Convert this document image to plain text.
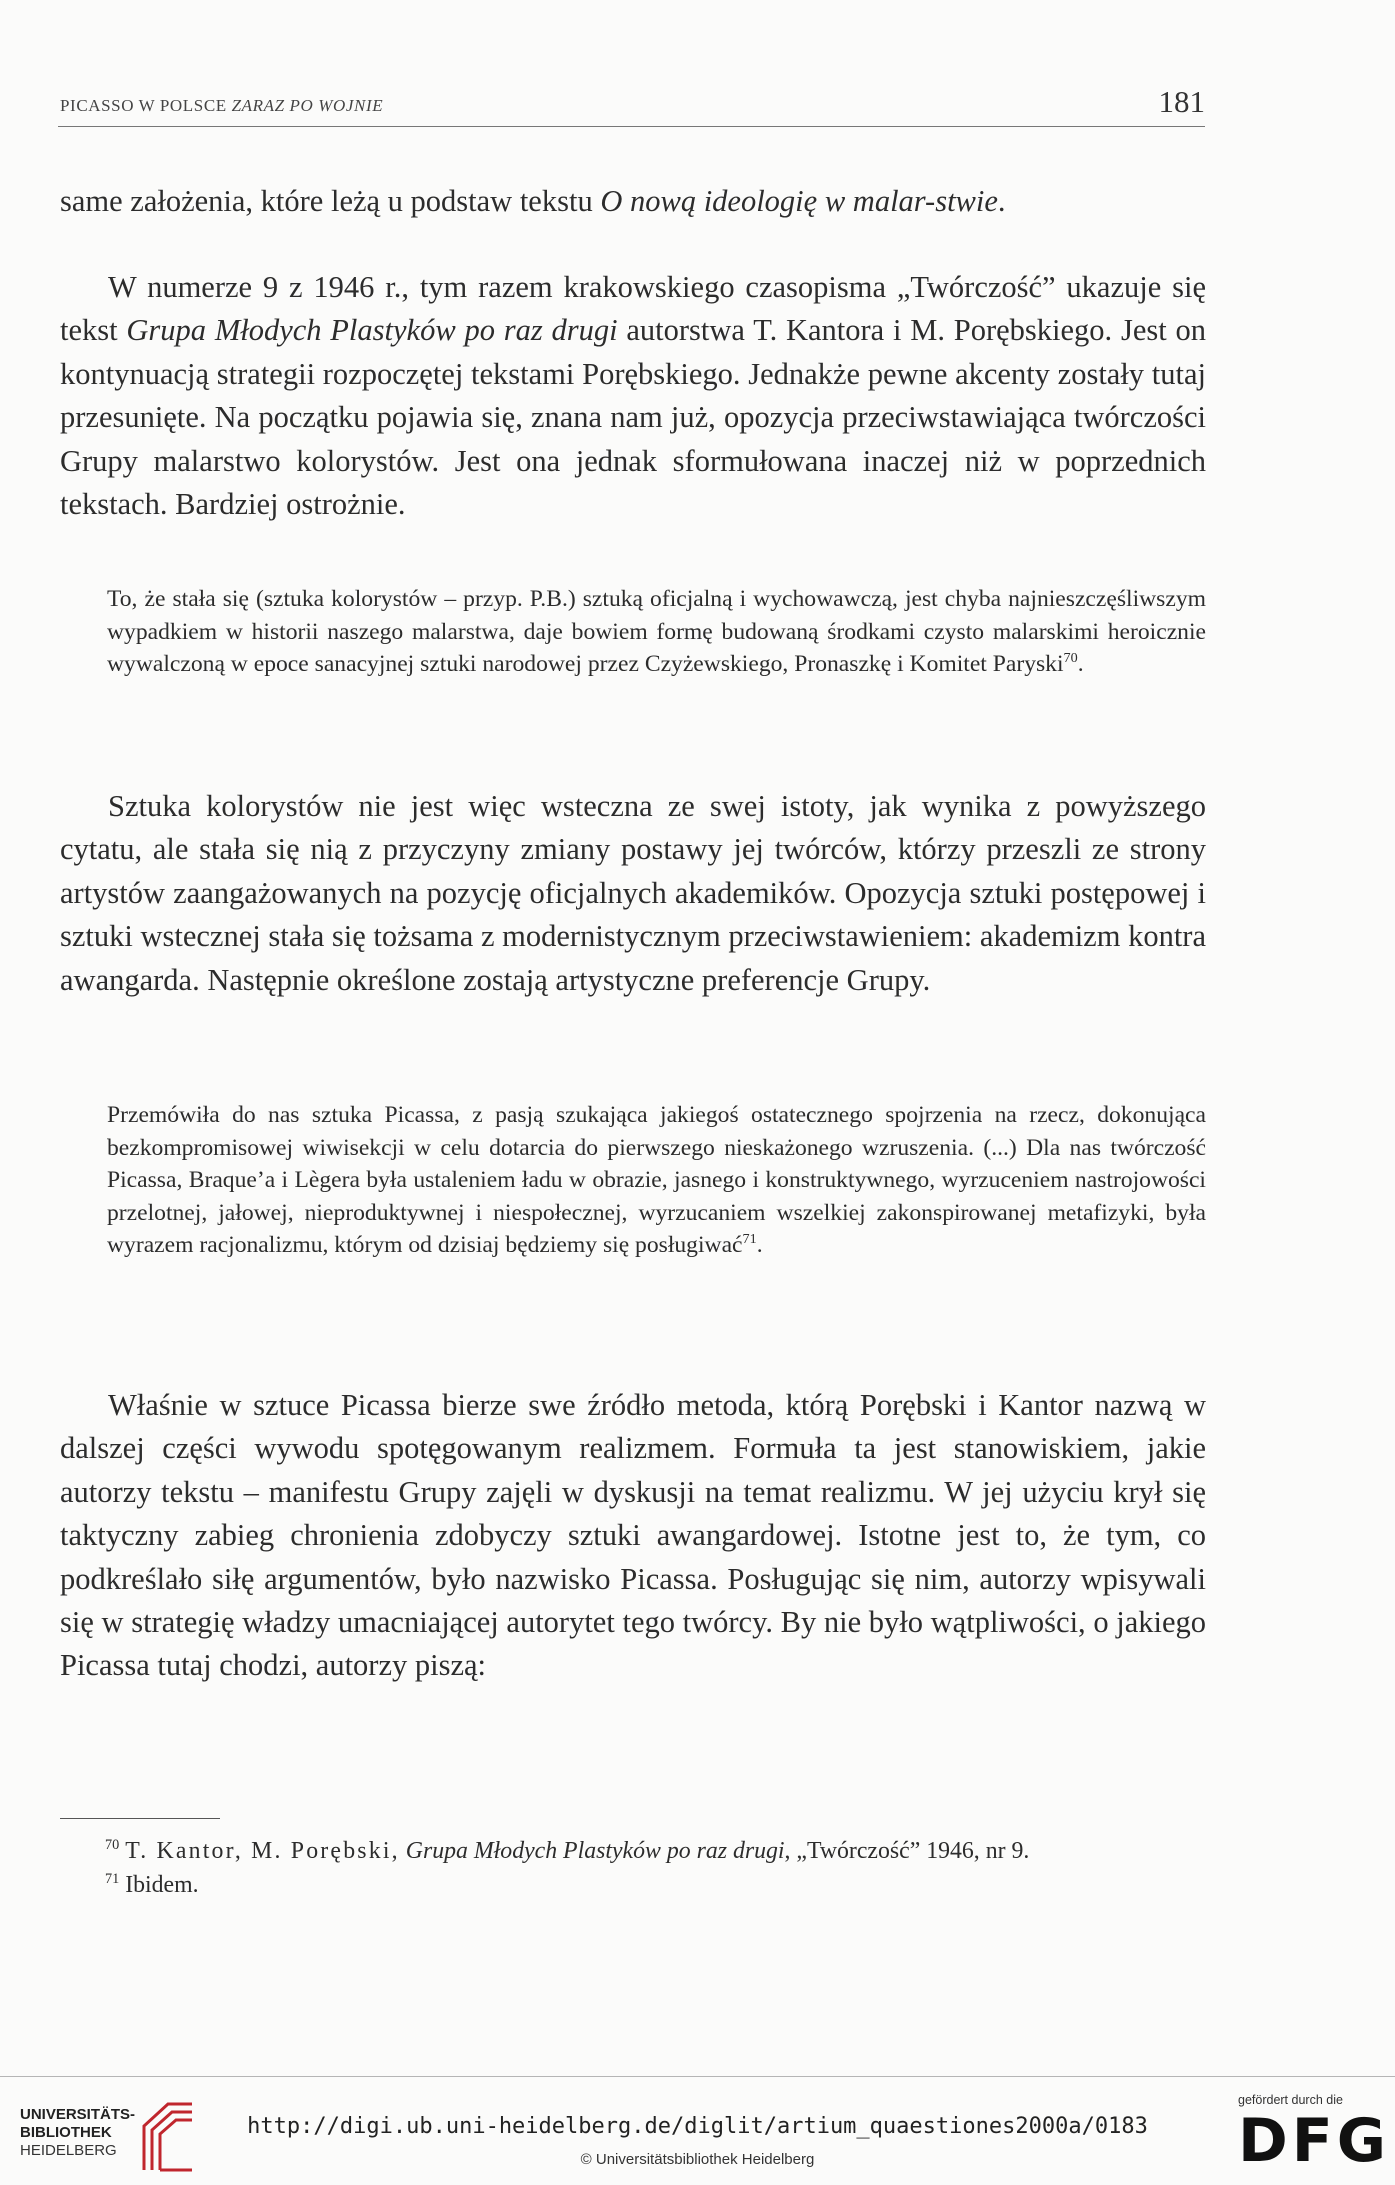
PICASSO W POLSCE ZARAZ PO WOJNIE	181

same założenia, które leżą u podstaw tekstu O nową ideologię w malar-stwie.

W numerze 9 z 1946 r., tym razem krakowskiego czasopisma „Twórczość” ukazuje się tekst Grupa Młodych Plastyków po raz drugi autorstwa T. Kantora i M. Porębskiego. Jest on kontynuacją strategii rozpoczętej tekstami Porębskiego. Jednakże pewne akcenty zostały tutaj przesunięte. Na początku pojawia się, znana nam już, opozycja przeciwstawiająca twórczości Grupy malarstwo kolorystów. Jest ona jednak sformułowana inaczej niż w poprzednich tekstach. Bardziej ostrożnie.

To, że stała się (sztuka kolorystów – przyp. P.B.) sztuką oficjalną i wychowawczą, jest chyba najnieszczęśliwszym wypadkiem w historii naszego malarstwa, daje bowiem formę budowaną środkami czysto malarskimi heroicznie wywalczoną w epoce sanacyjnej sztuki narodowej przez Czyżewskiego, Pronaszkę i Komitet Paryski$^{70}$.

Sztuka kolorystów nie jest więc wsteczna ze swej istoty, jak wynika z powyższego cytatu, ale stała się nią z przyczyny zmiany postawy jej twórców, którzy przeszli ze strony artystów zaangażowanych na pozycję oficjalnych akademików. Opozycja sztuki postępowej i sztuki wstecznej stała się tożsama z modernistycznym przeciwstawieniem: akademizm kontra awangarda. Następnie określone zostają artystyczne preferencje Grupy.

Przemówiła do nas sztuka Picassa, z pasją szukająca jakiegoś ostatecznego spojrzenia na rzecz, dokonująca bezkompromisowej wiwisekcji w celu dotarcia do pierwszego nieskażonego wzruszenia. (...) Dla nas twórczość Picassa, Braque’a i Lègera była ustaleniem ładu w obrazie, jasnego i konstruktywnego, wyrzuceniem nastrojowości przelotnej, jałowej, nieproduktywnej i niespołecznej, wyrzucaniem wszelkiej zakonspirowanej metafizyki, była wyrazem racjonalizmu, którym od dzisiaj będziemy się posługiwać$^{71}$.

Właśnie w sztuce Picassa bierze swe źródło metoda, którą Porębski i Kantor nazwą w dalszej części wywodu spotęgowanym realizmem. Formuła ta jest stanowiskiem, jakie autorzy tekstu – manifestu Grupy zajęli w dyskusji na temat realizmu. W jej użyciu krył się taktyczny zabieg chronienia zdobyczy sztuki awangardowej. Istotne jest to, że tym, co podkreślało siłę argumentów, było nazwisko Picassa. Posługując się nim, autorzy wpisywali się w strategię władzy umacniającej autorytet tego twórcy. By nie było wątpliwości, o jakiego Picassa tutaj chodzi, autorzy piszą:

$^{70}$ T. Kantor, M. Porębski, Grupa Młodych Plastyków po raz drugi, „Twórczość” 1946, nr 9.

$^{71}$ Ibidem.

UNIVERSITÄTS-
BIBLIOTHEK
HEIDELBERG
http://digi.ub.uni-heidelberg.de/diglit/artium_quaestiones2000a/0183
© Universitätsbibliothek Heidelberg
gefördert durch die
DFG
